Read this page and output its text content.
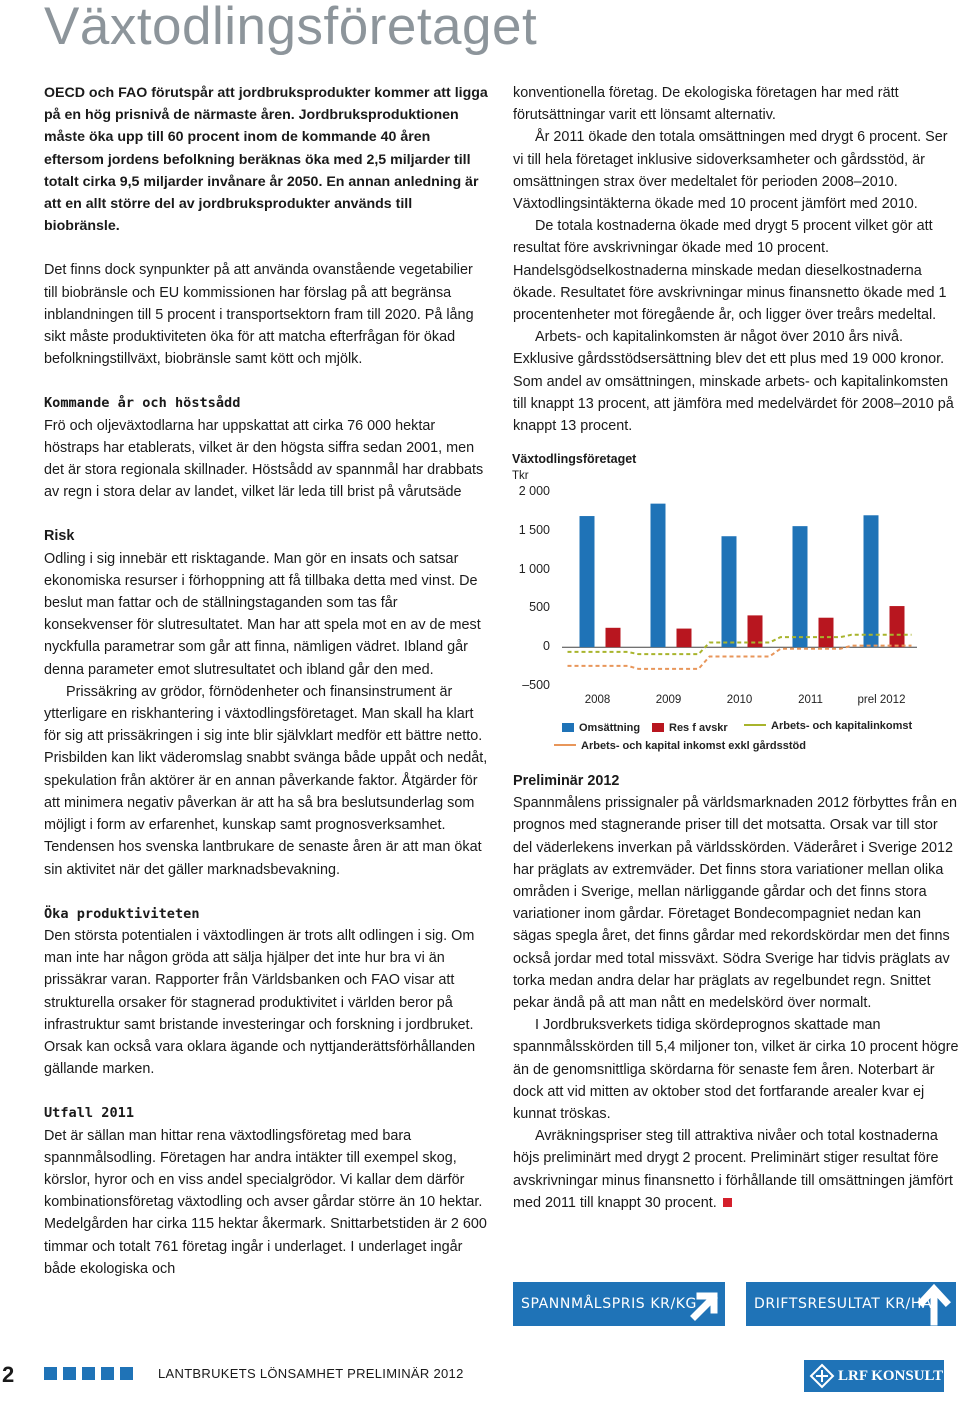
Växtodlingsföretaget

OECD och FAO förutspår att jordbruksprodukter kommer att ligga på en hög prisnivå de närmaste åren. Jordbruksproduktionen måste öka upp till 60 procent inom de kommande 40 åren eftersom jordens befolkning beräknas öka med 2,5 miljarder till totalt cirka 9,5 miljarder invånare år 2050. En annan anledning är att en allt större del av jordbruksprodukter används till biobränsle.

Det finns dock synpunkter på att använda ovanstående vegetabilier till biobränsle och EU kommissionen har förslag på att begränsa inblandningen till 5 procent i transportsektorn fram till 2020. På lång sikt måste produktiviteten öka för att matcha efterfrågan för ökad befolkningstillväxt, biobränsle samt kött och mjölk.

Kommande år och höstsådd

Frö och oljeväxtodlarna har uppskattat att cirka 76 000 hektar höstraps har etablerats, vilket är den högsta siffra sedan 2001, men det är stora regionala skillnader. Höstsådd av spannmål har drabbats av regn i stora delar av landet, vilket lär leda till brist på vårutsäde

Risk

Odling i sig innebär ett risktagande. Man gör en insats och satsar ekonomiska resurser i förhoppning att få tillbaka detta med vinst. De beslut man fattar och de ställningstaganden som tas får konsekvenser för slutresultatet. Man har att spela mot en av de mest nyckfulla parametrar som går att finna, nämligen vädret. Ibland går denna parameter emot slutresultatet och ibland går den med.

Prissäkring av grödor, förnödenheter och finansinstrument är ytterligare en riskhantering i växtodlingsföretaget. Man skall ha klart för sig att prissäkringen i sig inte blir självklart medför ett bättre netto. Prisbilden kan likt väderomslag snabbt svänga både uppåt och nedåt, spekulation från aktörer är en annan påverkande faktor. Åtgärder för att minimera negativ påverkan är att ha så bra beslutsunderlag som möjligt i form av erfarenhet, kunskap samt prognosverksamhet. Tendensen hos svenska lantbrukare de senaste åren är att man ökat sin aktivitet när det gäller marknadsbevakning.

Öka produktiviteten

Den största potentialen i växtodlingen är trots allt odlingen i sig. Om man inte har någon gröda att sälja hjälper det inte hur bra vi än prissäkrar varan. Rapporter från Världsbanken och FAO visar att strukturella orsaker för stagnerad produktivitet i världen beror på infrastruktur samt bristande investeringar och forskning i jordbruket. Orsak kan också vara oklara ägande och nyttjanderättsförhållanden gällande marken.

Utfall 2011

Det är sällan man hittar rena växtodlingsföretag med bara spannmålsodling. Företagen har andra intäkter till exempel skog, körslor, hyror och en viss andel specialgrödor. Vi kallar dem därför kombinationsföretag växtodling och avser gårdar större än 10 hektar. Medelgården har cirka 115 hektar åkermark. Snittarbetstiden är 2 600 timmar och totalt 761 företag ingår i underlaget. I underlaget ingår både ekologiska och

konventionella företag. De ekologiska företagen har med rätt förutsättningar varit ett lönsamt alternativ.

År 2011 ökade den totala omsättningen med drygt 6 procent. Ser vi till hela företaget inklusive sidoverksamheter och gårdsstöd, är omsättningen strax över medeltalet för perioden 2008–2010. Växtodlingsintäkterna ökade med 10 procent jämfört med 2010.

De totala kostnaderna ökade med drygt 5 procent vilket gör att resultat före avskrivningar ökade med 10 procent. Handelsgödselkostnaderna minskade medan dieselkostnaderna ökade. Resultatet före avskrivningar minus finansnetto ökade med 1 procentenheter mot föregående år, och ligger över treårs medeltal.

Arbets- och kapitalinkomsten är något över 2010 års nivå. Exklusive gårdsstödsersättning blev det ett plus med 19 000 kronor. Som andel av omsättningen, minskade arbets- och kapitalinkomsten till knappt 13 procent, att jämföra med medelvärdet för 2008–2010 på knappt 13 procent.

Växtodlingsföretaget
Tkr
2 000
1 500
1 000
500
0
–500
2008	2009	2010	2011	prel 2012
Omsättning	Res f avskr	Arbets- och kapitalinkomst
Arbets- och kapital inkomst exkl gårdsstöd

Preliminär 2012

Spannmålens prissignaler på världsmarknaden 2012 förbyttes från en prognos med stagnerande priser till det motsatta. Orsak var till stor del väderlekens inverkan på världsskörden. Väderåret i Sverige 2012 har präglats av extremväder. Det finns stora variationer mellan olika områden i Sverige, mellan närliggande gårdar och det finns stora variationer inom gårdar. Företaget Bondecompagniet nedan kan sägas spegla året, det finns gårdar med rekordskördar men det finns också jordar med total missväxt. Södra Sverige har tidvis präglats av torka medan andra delar har präglats av regelbundet regn. Snittet pekar ändå på att man nått en medelskörd över normalt.

I Jordbruksverkets tidiga skördeprognos skattade man spannmålsskörden till 5,4 miljoner ton, vilket är cirka 10 procent högre än de genomsnittliga skördarna för senaste fem åren. Noterbart är dock att vid mitten av oktober stod det fortfarande arealer kvar ej kunnat tröskas.

Avräkningspriser steg till attraktiva nivåer och total kostnaderna höjs preliminärt med drygt 2 procent. Preliminärt stiger resultat före avskrivningar minus finansnetto i förhållande till omsättningen jämfört med 2011 till knappt 30 procent.

SPANNMÅLSPRIS KR/KG	DRIFTSRESULTAT KR/HA
2	LANTBRUKETS LÖNSAMHET PRELIMINÄR 2012	LRF KONSULT
